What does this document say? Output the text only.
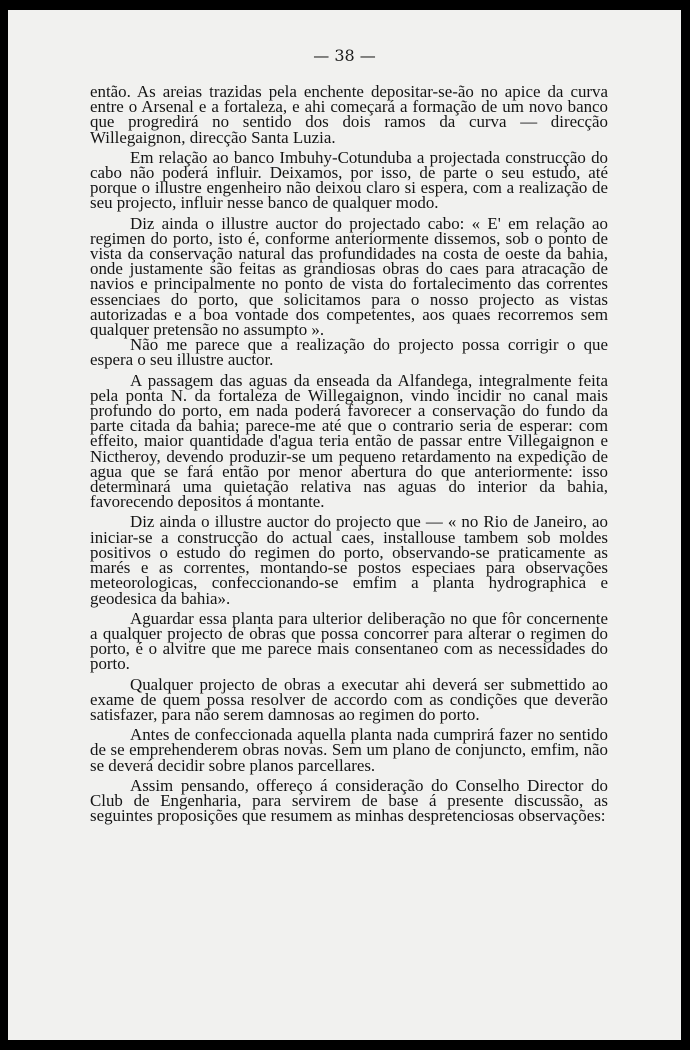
— 38 —

então. As areias trazidas pela enchente depositar-se-ão no apice da curva entre o Arsenal e a fortaleza, e ahi começará a formação de um novo banco que progredirá no sentido dos dois ramos da curva — direcção Willegaignon, direcção Santa Luzia.

Em relação ao banco Imbuhy-Cotunduba a projectada construcção do cabo não poderá influir. Deixamos, por isso, de parte o seu estudo, até porque o illustre engenheiro não deixou claro si espera, com a realização de seu projecto, influir nesse banco de qualquer modo.

Diz ainda o illustre auctor do projectado cabo: « E' em relação ao regimen do porto, isto é, conforme anteriormente dissemos, sob o ponto de vista da conservação natural das profundidades na costa de oeste da bahia, onde justamente são feitas as grandiosas obras do caes para atracação de navios e principalmente no ponto de vista do fortalecimento das correntes essenciaes do porto, que solicitamos para o nosso projecto as vistas autorizadas e a boa vontade dos competentes, aos quaes recorremos sem qualquer pretensão no assumpto ».

Não me parece que a realização do projecto possa corrigir o que espera o seu illustre auctor.

A passagem das aguas da enseada da Alfandega, integralmente feita pela ponta N. da fortaleza de Willegaignon, vindo incidir no canal mais profundo do porto, em nada poderá favorecer a conservação do fundo da parte citada da bahia; parece-me até que o contrario seria de esperar: com effeito, maior quantidade d'agua teria então de passar entre Villegaignon e Nictheroy, devendo produzir-se um pequeno retardamento na expedição de agua que se fará então por menor abertura do que anteriormente: isso determinará uma quietação relativa nas aguas do interior da bahia, favorecendo depositos á montante.

Diz ainda o illustre auctor do projecto que — « no Rio de Janeiro, ao iniciar-se a construcção do actual caes, installouse tambem sob moldes positivos o estudo do regimen do porto, observando-se praticamente as marés e as correntes, montando-se postos especiaes para observações meteorologicas, confeccionando-se emfim a planta hydrographica e geodesica da bahia».

Aguardar essa planta para ulterior deliberação no que fôr concernente a qualquer projecto de obras que possa concorrer para alterar o regimen do porto, é o alvitre que me parece mais consentaneo com as necessidades do porto.

Qualquer projecto de obras a executar ahi deverá ser submettido ao exame de quem possa resolver de accordo com as condições que deverão satisfazer, para não serem damnosas ao regimen do porto.

Antes de confeccionada aquella planta nada cumprirá fazer no sentido de se emprehenderem obras novas. Sem um plano de conjuncto, emfim, não se deverá decidir sobre planos parcellares.

Assim pensando, offereço á consideração do Conselho Director do Club de Engenharia, para servirem de base á presente discussão, as seguintes proposições que resumem as minhas despretenciosas observações:
